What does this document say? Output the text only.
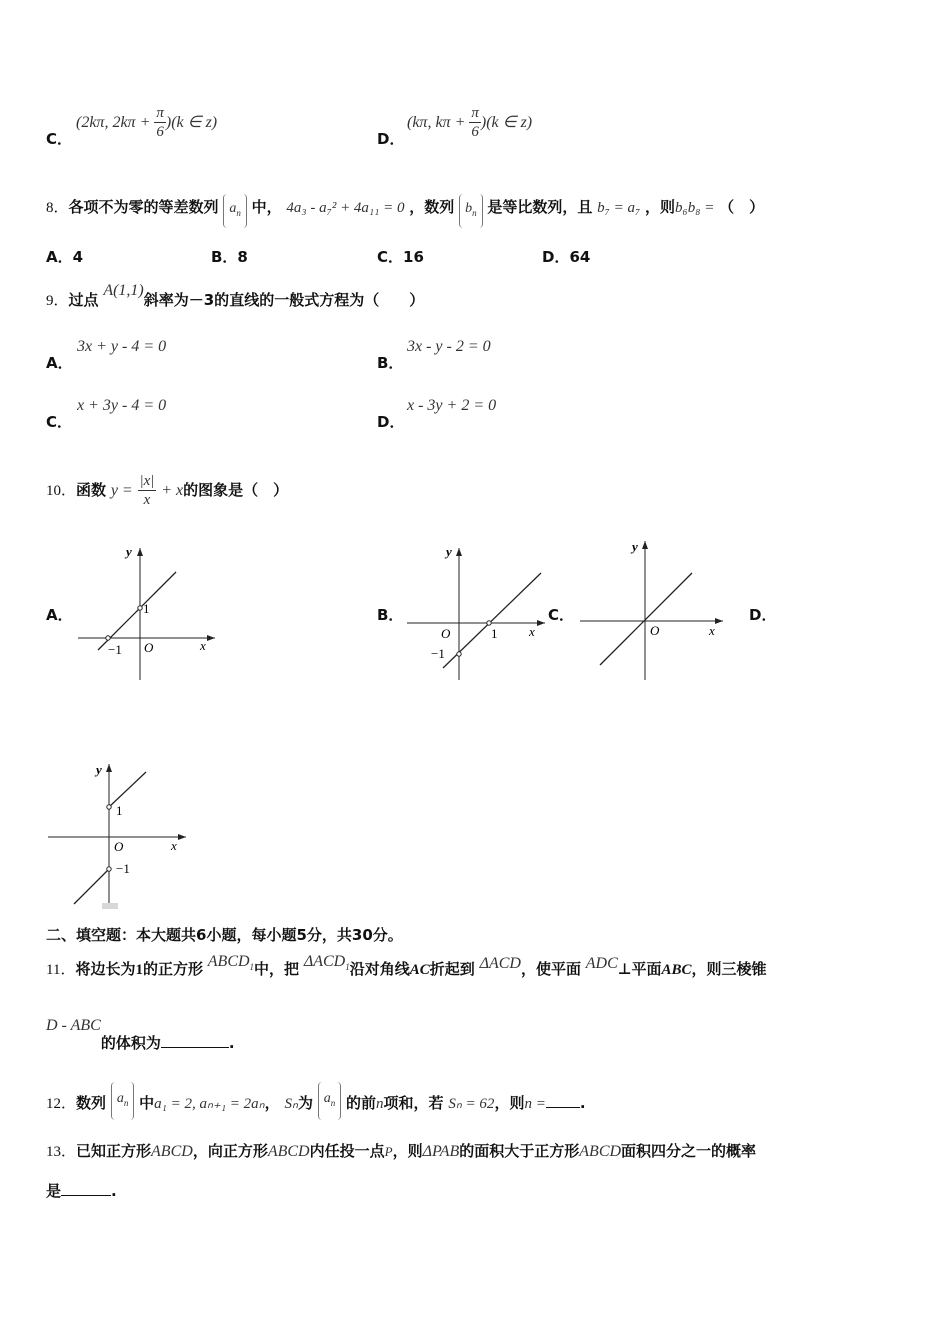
C．
(2kπ, $2k\pi + \frac{\pi}{6} )(k$ ∈ z)
D．
(kπ, $k\pi + \frac{\pi}{6} )(k$ ∈ z)
8．各项不为零的等差数列 $a_n$ 中， 4a₃ - a₇² + 4a₁₁ = 0 ，数列 $b_n$ 是等比数列，且 b₇ = a₇ ，则b₆b₈ = （　）
A．4	B．8	C．16	D．64
9．过点 A(1,1)斜率为－3的直线的一般式方程为（　　）
A．
3x + y - 4 = 0
B．
3x - y - 2 = 0
C．
x + 3y - 4 = 0
D．
x - 3y + 2 = 0
10．函数 $y = \frac{|x|}{x} + x$的图象是（　）
A．	B．	C．	D．
x
y
1
O
−1
x
y
1
O
−1
x
y
O
x
y
1
O
−1
二、填空题：本大题共6小题，每小题5分，共30分。
11．将边长为1的正方形 $ABCD_1$中，把 $\Delta ACD_1$沿对角线AC折起到 ΔACD，使平面 ADC⊥平面ABC，则三棱锥
D - ABC的体积为	.
12．数列 $a_n$ 中a₁ = 2, aₙ₊₁ = 2aₙ， Sₙ为 $a_n$ 的前n项和，若 Sₙ = 62，则n = .
13．已知正方形ABCD，向正方形ABCD内任投一点P，则ΔPAB的面积大于正方形ABCD面积四分之一的概率
是	.
